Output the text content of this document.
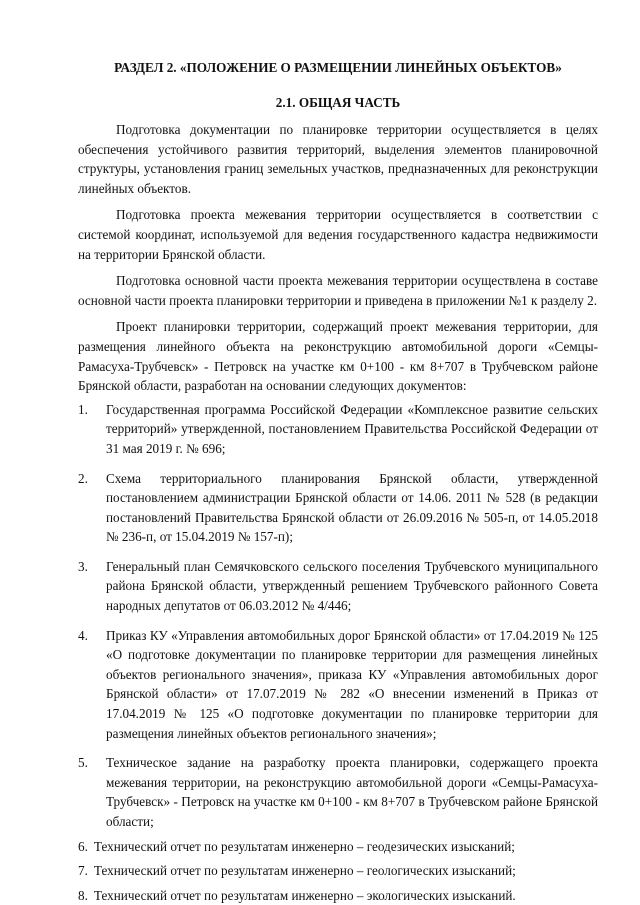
РАЗДЕЛ 2. «ПОЛОЖЕНИЕ О РАЗМЕЩЕНИИ ЛИНЕЙНЫХ ОБЪЕКТОВ»
2.1. ОБЩАЯ ЧАСТЬ

Подготовка документации по планировке территории осуществляется в целях обеспечения устойчивого развития территорий, выделения элементов планировочной структуры, установления границ земельных участков, предназначенных для реконструкции линейных объектов.

Подготовка проекта межевания территории осуществляется в соответствии с системой координат, используемой для ведения государственного кадастра недвижимости на территории Брянской области.

Подготовка основной части проекта межевания территории осуществлена в составе основной части проекта планировки территории и приведена в приложении №1 к разделу 2.

Проект планировки территории, содержащий проект межевания территории, для размещения линейного объекта на реконструкцию автомобильной дороги «Семцы-Рамасуха-Трубчевск» - Петровск на участке км 0+100 - км 8+707 в Трубчевском районе Брянской области, разработан на основании следующих документов:

1. Государственная программа Российской Федерации «Комплексное развитие сельских территорий» утвержденной, постановлением Правительства Российской Федерации от 31 мая 2019 г. № 696;
2. Схема территориального планирования Брянской области, утвержденной постановлением администрации Брянской области от 14.06. 2011 № 528 (в редакции постановлений Правительства Брянской области от 26.09.2016 № 505-п, от 14.05.2018 № 236-п, от 15.04.2019 № 157-п);
3. Генеральный план Семячковского сельского поселения Трубчевского муниципального района Брянской области, утвержденный решением Трубчевского районного Совета народных депутатов от 06.03.2012 № 4/446;
4. Приказ КУ «Управления автомобильных дорог Брянской области» от 17.04.2019 № 125 «О подготовке документации по планировке территории для размещения линейных объектов регионального значения», приказа КУ «Управления автомобильных дорог Брянской области» от 17.07.2019 № 282 «О внесении изменений в Приказ от 17.04.2019 № 125 «О подготовке документации по планировке территории для размещения линейных объектов регионального значения»;
5. Техническое задание на разработку проекта планировки, содержащего проекта межевания территории, на реконструкцию автомобильной дороги «Семцы-Рамасуха-Трубчевск» - Петровск на участке км 0+100 - км 8+707 в Трубчевском районе Брянской области;
6. Технический отчет по результатам инженерно – геодезических изысканий;
7. Технический отчет по результатам инженерно – геологических изысканий;
8. Технический отчет по результатам инженерно – экологических изысканий.
